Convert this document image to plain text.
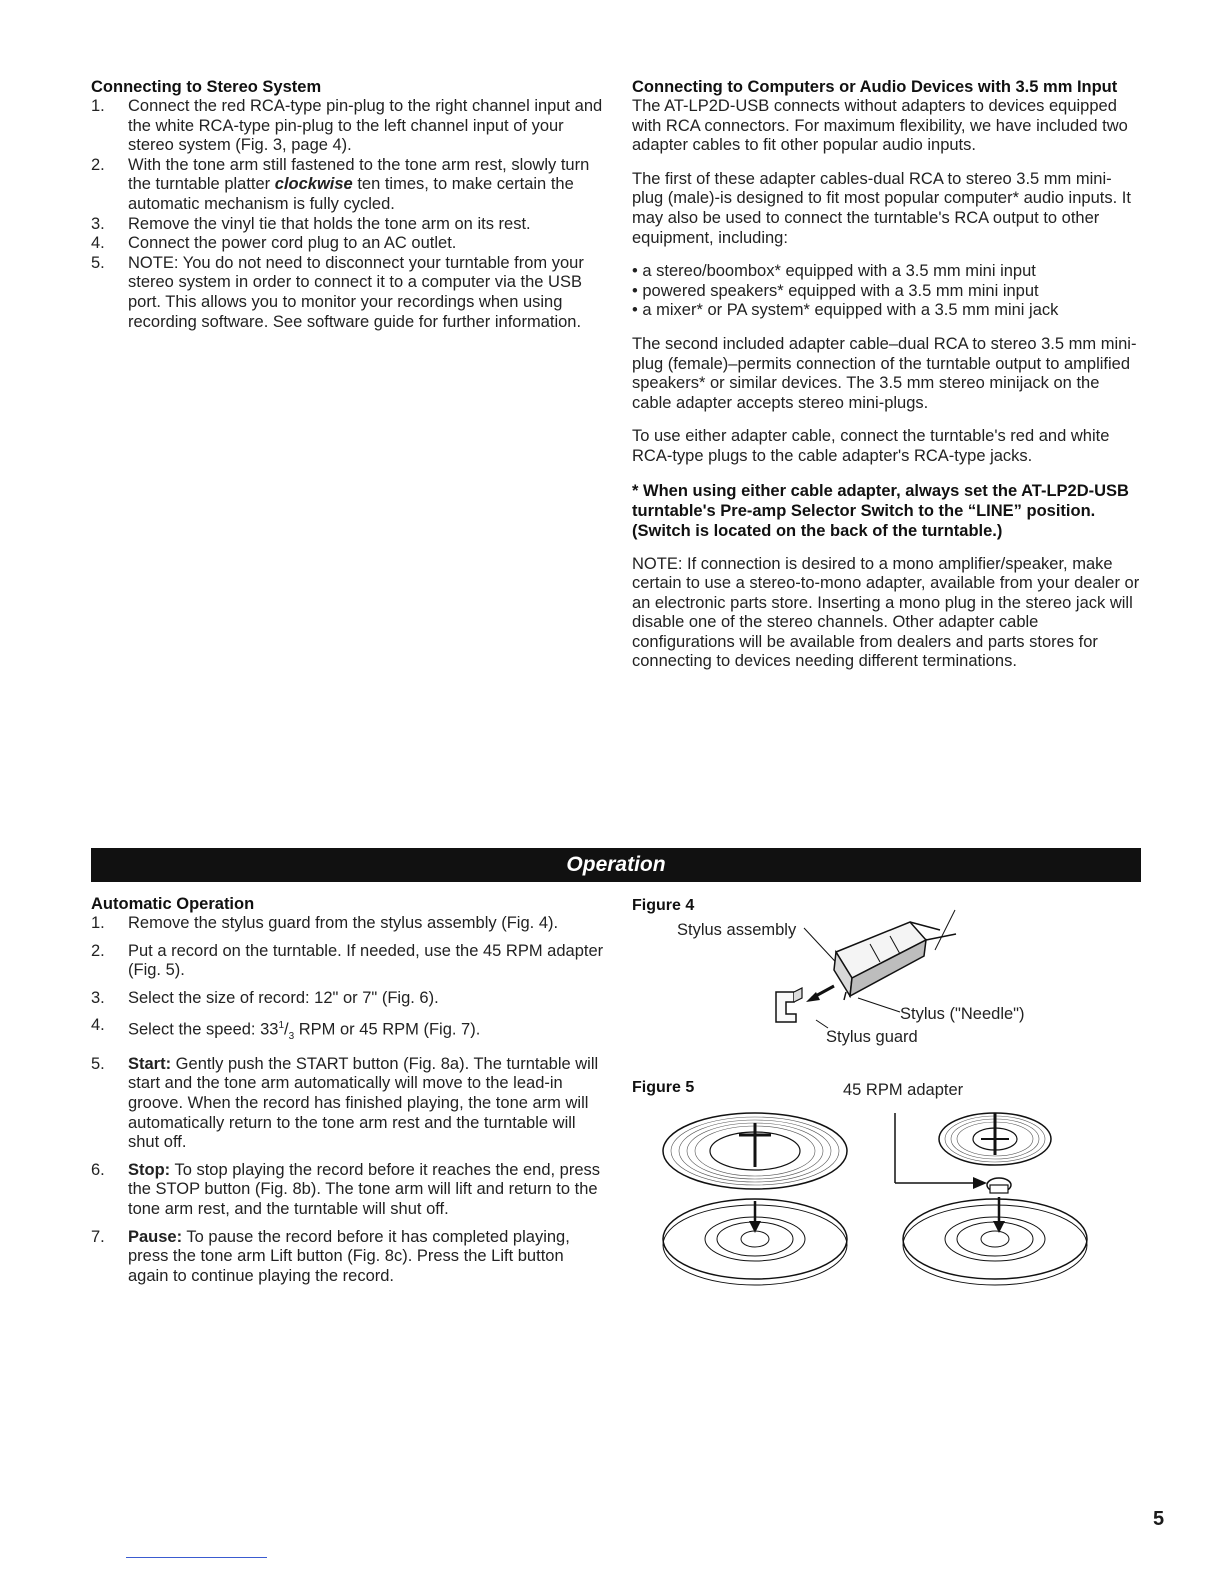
Connecting to Stereo System
1. Connect the red RCA-type pin-plug to the right channel input and the white RCA-type pin-plug to the left channel input of your stereo system (Fig. 3, page 4).
2. With the tone arm still fastened to the tone arm rest, slowly turn the turntable platter clockwise ten times, to make certain the automatic mechanism is fully cycled.
3. Remove the vinyl tie that holds the tone arm on its rest.
4. Connect the power cord plug to an AC outlet.
5. NOTE: You do not need to disconnect your turntable from your stereo system in order to connect it to a computer via the USB port. This allows you to monitor your recordings when using recording software. See software guide for further information.
Connecting to Computers or Audio Devices with 3.5 mm Input

The AT-LP2D-USB connects without adapters to devices equipped with RCA connectors. For maximum flexibility, we have included two adapter cables to fit other popular audio inputs.

The first of these adapter cables-dual RCA to stereo 3.5 mm mini-plug (male)-is designed to fit most popular computer* audio inputs. It may also be used to connect the turntable's RCA output to other equipment, including:

• a stereo/boombox* equipped with a 3.5 mm mini input
• powered speakers* equipped with a 3.5 mm mini input
• a mixer* or PA system* equipped with a 3.5 mm mini jack

The second included adapter cable–dual RCA to stereo 3.5 mm mini-plug (female)–permits connection of the turntable output to amplified speakers* or similar devices. The 3.5 mm stereo minijack on the cable adapter accepts stereo mini-plugs.

To use either adapter cable, connect the turntable's red and white RCA-type plugs to the cable adapter's RCA-type jacks.

* When using either cable adapter, always set the AT-LP2D-USB turntable's Pre-amp Selector Switch to the “LINE” position. (Switch is located on the back of the turntable.)

NOTE: If connection is desired to a mono amplifier/speaker, make certain to use a stereo-to-mono adapter, available from your dealer or an electronic parts store. Inserting a mono plug in the stereo jack will disable one of the stereo channels. Other adapter cable configurations will be available from dealers and parts stores for connecting to devices needing different terminations.

Operation
Automatic Operation
1. Remove the stylus guard from the stylus assembly (Fig. 4).
2. Put a record on the turntable. If needed, use the 45 RPM adapter (Fig. 5).
3. Select the size of record: 12" or 7" (Fig. 6).
4. Select the speed: $33^1/_3$ RPM or 45 RPM (Fig. 7).
5. Start: Gently push the START button (Fig. 8a). The turntable will start and the tone arm automatically will move to the lead-in groove. When the record has finished playing, the tone arm will automatically return to the tone arm rest and the turntable will shut off.
6. Stop: To stop playing the record before it reaches the end, press the STOP button (Fig. 8b). The tone arm will lift and return to the tone arm rest, and the turntable will shut off.
7. Pause: To pause the record before it has completed playing, press the tone arm Lift button (Fig. 8c). Press the Lift button again to continue playing the record.
Figure 4
Stylus assembly
Stylus ("Needle")
Stylus guard
Figure 5	45 RPM adapter
5
